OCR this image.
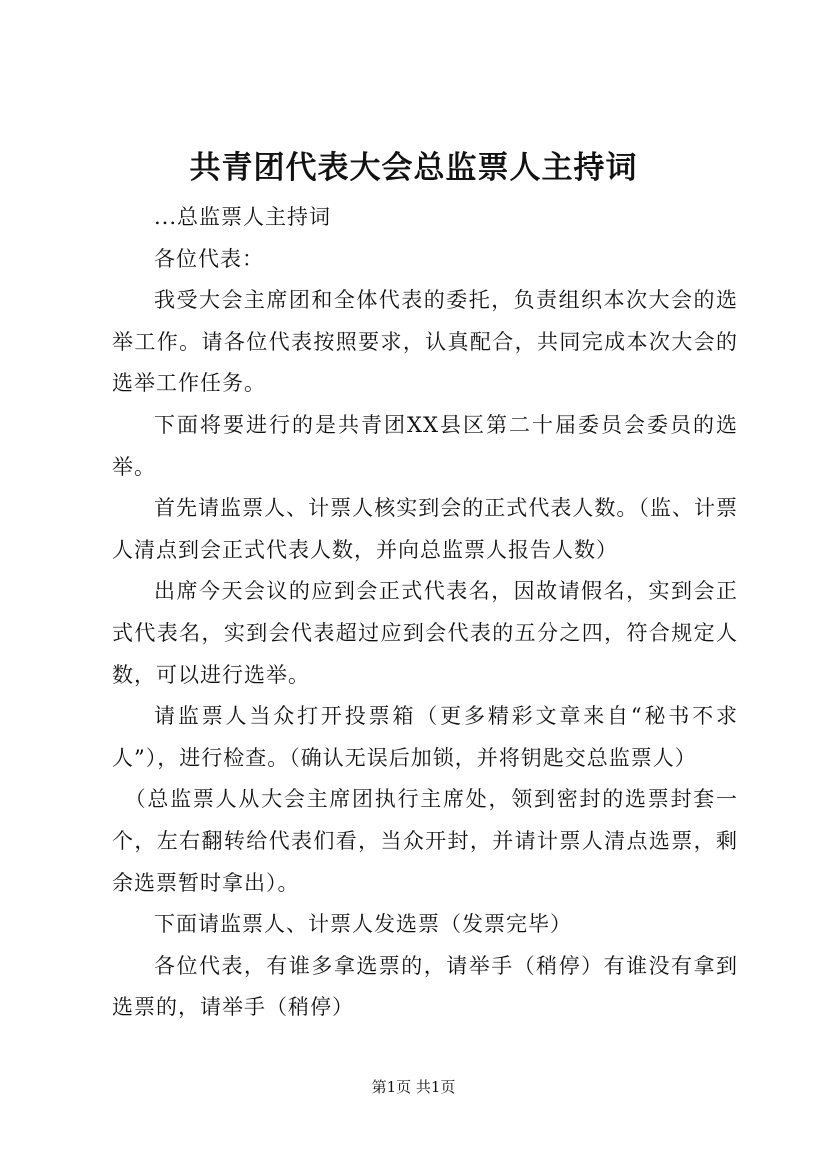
共青团代表大会总监票人主持词

...总监票人主持词

各位代表：

我受大会主席团和全体代表的委托，负责组织本次大会的选举工作。请各位代表按照要求，认真配合，共同完成本次大会的选举工作任务。

下面将要进行的是共青团XX县区第二十届委员会委员的选举。

首先请监票人、计票人核实到会的正式代表人数。（监、计票人清点到会正式代表人数，并向总监票人报告人数）

出席今天会议的应到会正式代表名，因故请假名，实到会正式代表名，实到会代表超过应到会代表的五分之四，符合规定人数，可以进行选举。

请监票人当众打开投票箱（更多精彩文章来自“秘书不求人”），进行检查。（确认无误后加锁，并将钥匙交总监票人）

（总监票人从大会主席团执行主席处，领到密封的选票封套一个，左右翻转给代表们看，当众开封，并请计票人清点选票，剩余选票暂时拿出）。

下面请监票人、计票人发选票（发票完毕）

各位代表，有谁多拿选票的，请举手（稍停）有谁没有拿到选票的，请举手（稍停）

第1页 共1页
